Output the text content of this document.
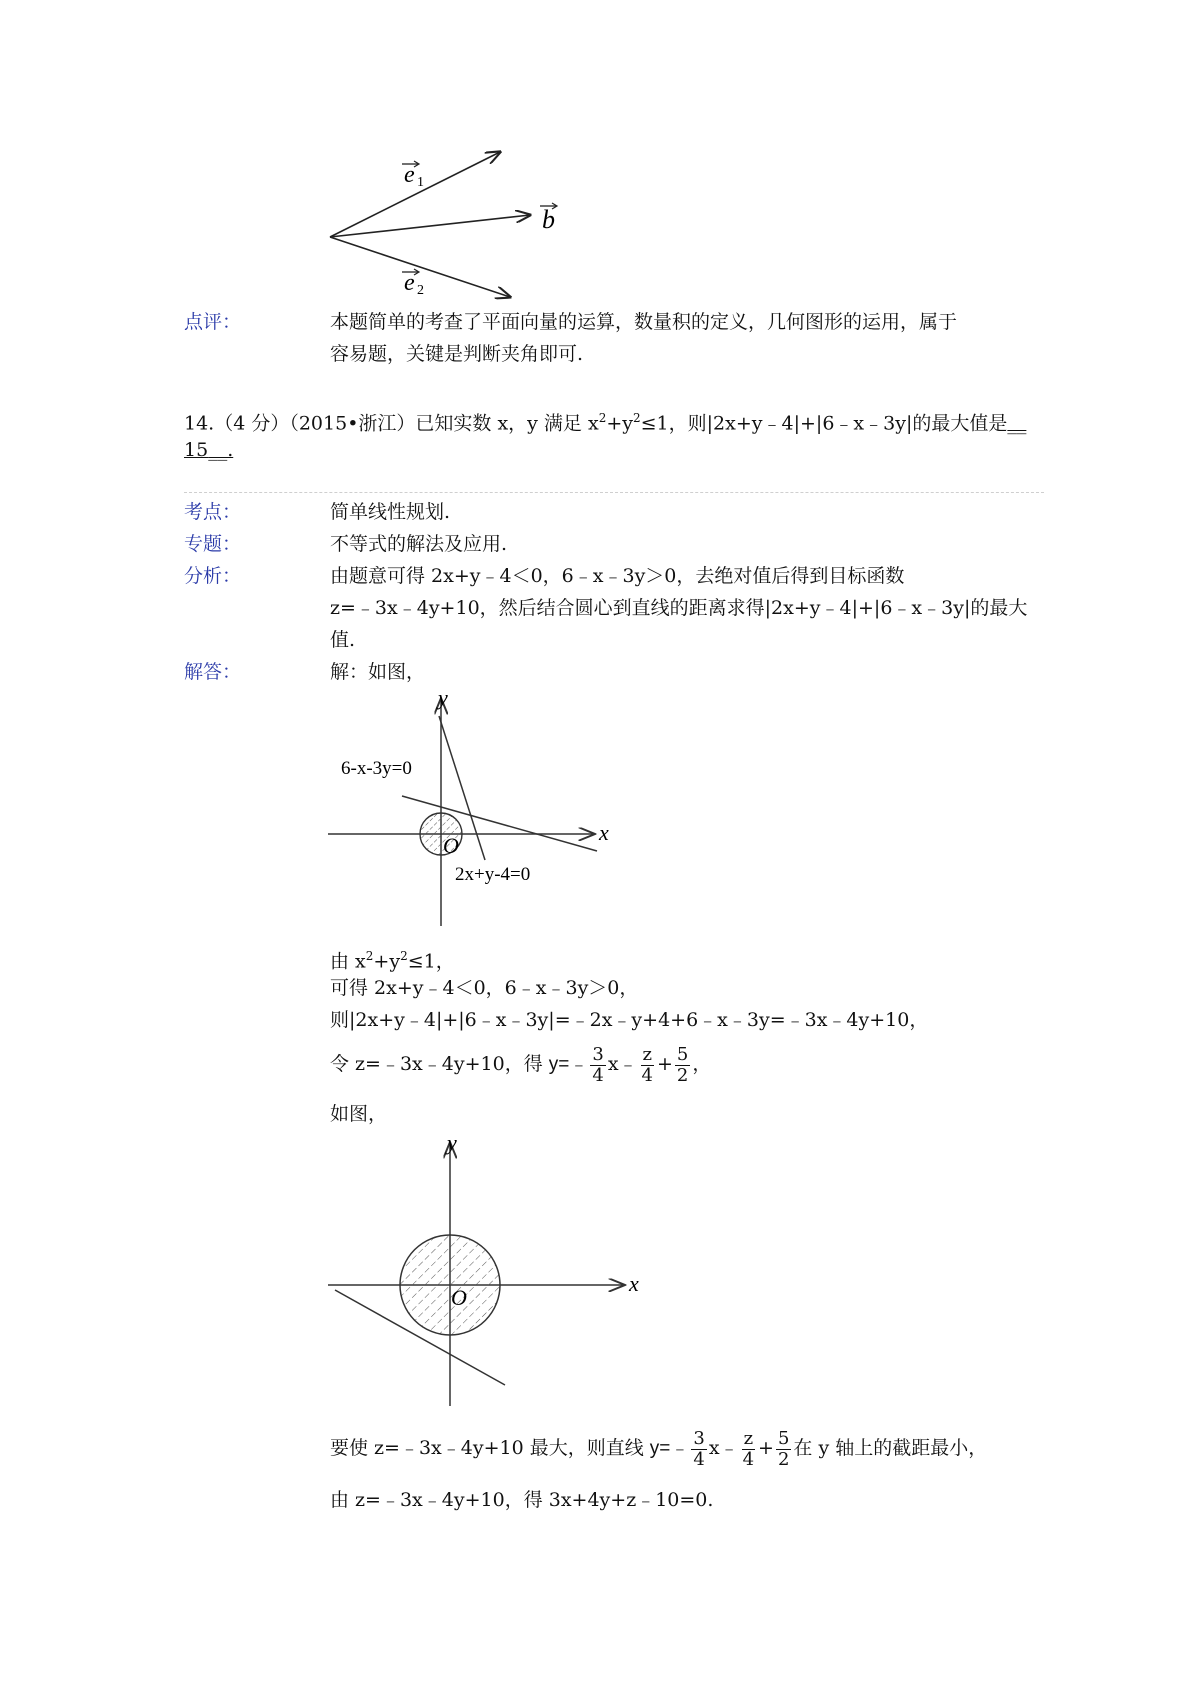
e 1
b
e 2
点评：	本题简单的考查了平面向量的运算，数量积的定义，几何图形的运用，属于
容易题，关键是判断夹角即可.
14.（4 分）（2015•浙江）已知实数 x，y 满足 $x^2+y^2\le 1$，则|2x+y﹣4|+|6﹣x﹣3y|的最大值是__
15__.
考点：	简单线性规划.
专题：	不等式的解法及应用.
分析：	由题意可得 2x+y﹣4＜0，6﹣x﹣3y＞0，去绝对值后得到目标函数
z=﹣3x﹣4y+10，然后结合圆心到直线的距离求得|2x+y﹣4|+|6﹣x﹣3y|的最大
值.
解答：	解：如图，
y
x
O
6-x-3y=0
2x+y-4=0
由 $x^2+y^2\le 1$，
可得 2x+y﹣4＜0，6﹣x﹣3y＞0，
则|2x+y﹣4|+|6﹣x﹣3y|=﹣2x﹣y+4+6﹣x﹣3y=﹣3x﹣4y+10，
令 z=﹣3x﹣4y+10，得 y=﹣ $\frac{3}{4}$ x﹣ $\frac{z}{4} + \frac{5}{2}$ ，
如图，
y
x
O
要使 z=﹣3x﹣4y+10 最大，则直线 y=﹣ $\frac{3}{4}$ x﹣ $\frac{z}{4} + \frac{5}{2}$ 在 y 轴上的截距最小，
由 z=﹣3x﹣4y+10，得 3x+4y+z﹣10=0.
